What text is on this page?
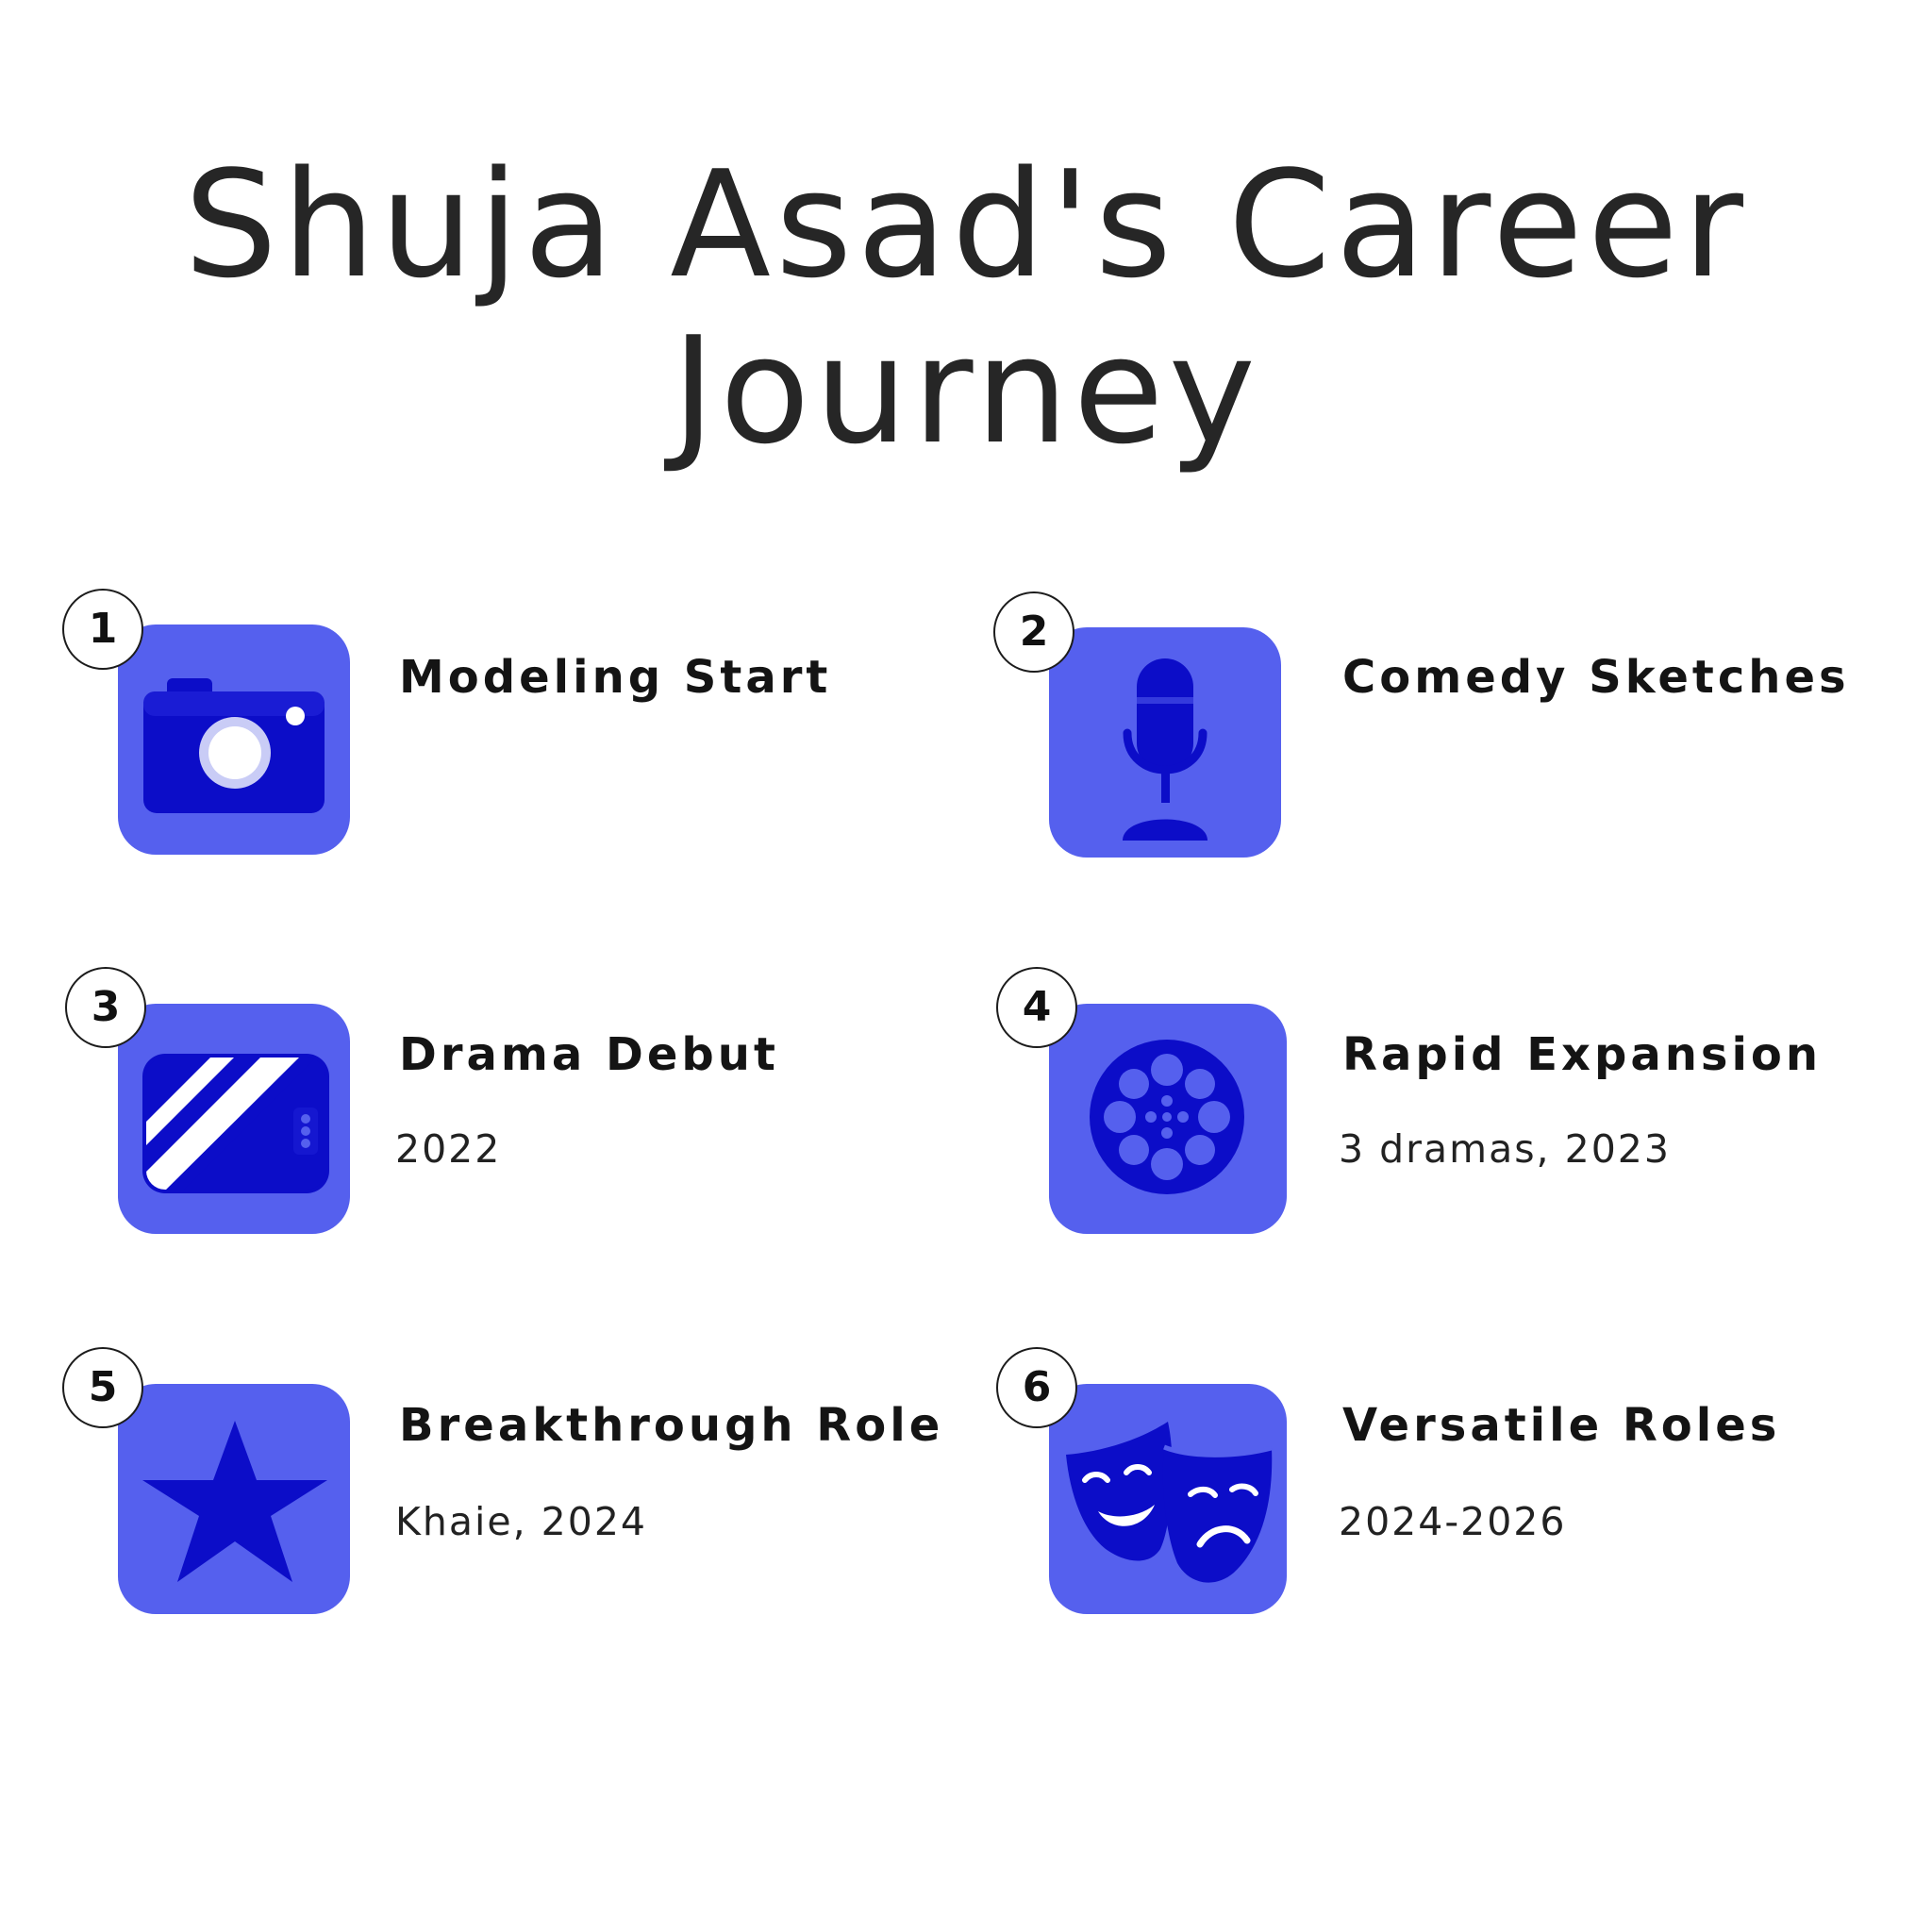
Shuja Asad's Career Journey
1
Modeling Start
2
Comedy Sketches
3
Drama Debut
2022
4
Rapid Expansion
3 dramas, 2023
5
Breakthrough Role
Khaie, 2024
6
Versatile Roles
2024-2026
